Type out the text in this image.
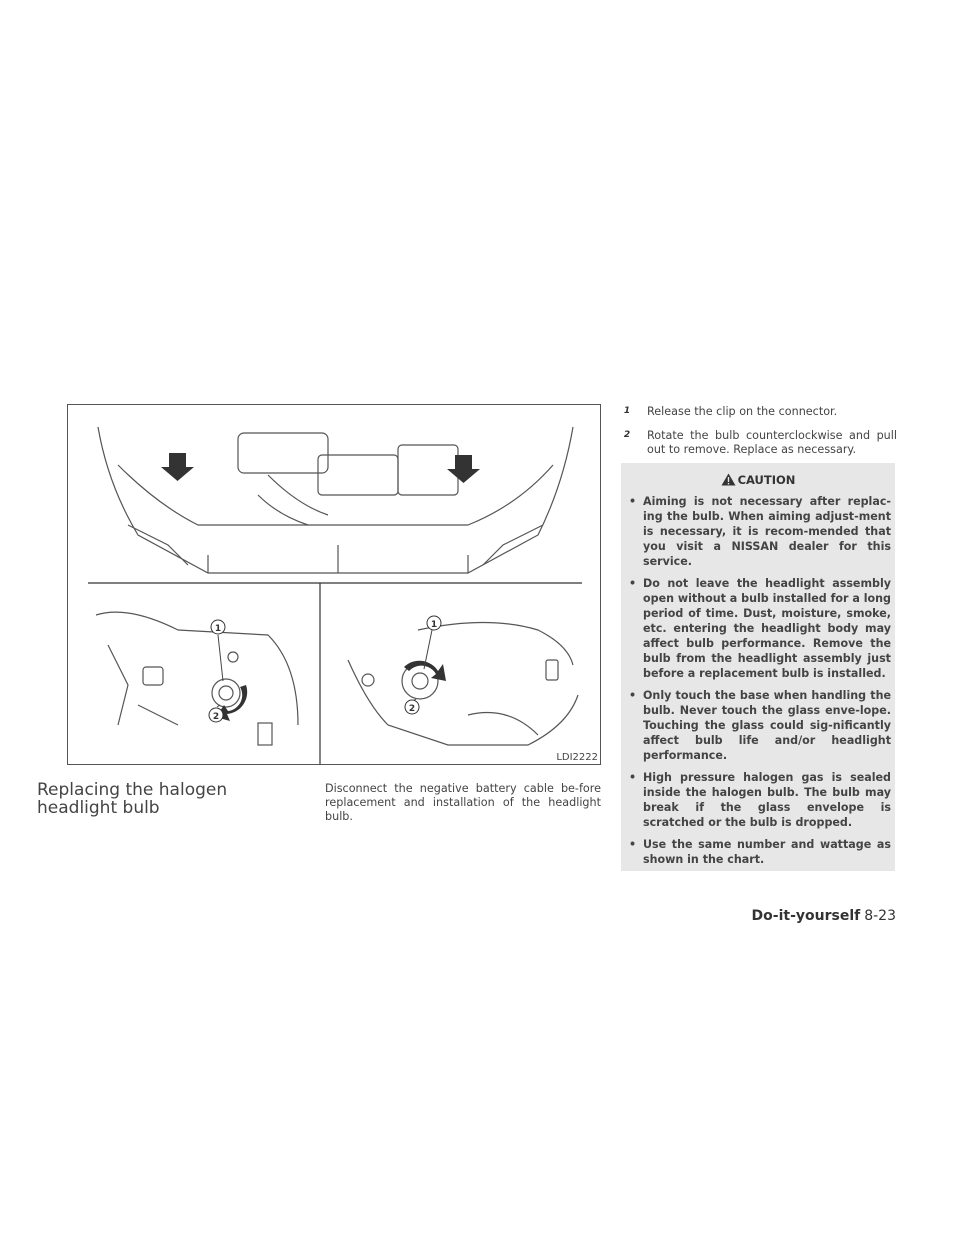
1
2
1
2
LDI2222
Replacing the halogen headlight bulb

Disconnect the negative battery cable be-fore replacement and installation of the headlight bulb.

1 Release the clip on the connector.
2 Rotate the bulb counterclockwise and pull out to remove. Replace as necessary.
CAUTION
• Aiming is not necessary after replac-ing the bulb. When aiming adjust-ment is necessary, it is recom-mended that you visit a NISSAN dealer for this service.
• Do not leave the headlight assembly open without a bulb installed for a long period of time. Dust, moisture, smoke, etc. entering the headlight body may affect bulb performance. Remove the bulb from the headlight assembly just before a replacement bulb is installed.
• Only touch the base when handling the bulb. Never touch the glass enve-lope. Touching the glass could sig-nificantly affect bulb life and/or headlight performance.
• High pressure halogen gas is sealed inside the halogen bulb. The bulb may break if the glass envelope is scratched or the bulb is dropped.
• Use the same number and wattage as shown in the chart.
Do-it-yourself 8-23
